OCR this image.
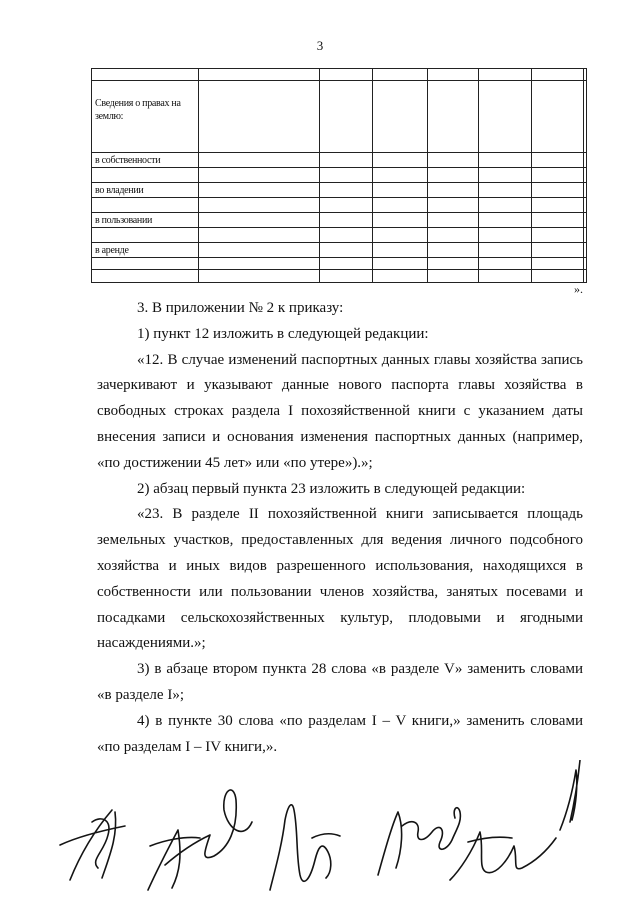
3

Сведения о правах на землю:							
в собственности							

во владении							

в пользовании							

в аренде							

».

3. В приложении № 2 к приказу:

1) пункт 12 изложить в следующей редакции:

«12. В случае изменений паспортных данных главы хозяйства запись зачеркивают и указывают данные нового паспорта главы хозяйства в свободных строках раздела I похозяйственной книги с указанием даты внесения записи и основания изменения паспортных данных (например, «по достижении 45 лет» или «по утере»).»;

2) абзац первый пункта 23 изложить в следующей редакции:

«23. В разделе II похозяйственной книги записывается площадь земельных участков, предоставленных для ведения личного подсобного хозяйства и иных видов разрешенного использования, находящихся в собственности или пользовании членов хозяйства, занятых посевами и посадками сельскохозяйственных культур, плодовыми и ягодными насаждениями.»;

3) в абзаце втором пункта 28 слова «в разделе V» заменить словами «в разделе I»;

4) в пункте 30 слова «по разделам I – V книги,» заменить словами «по разделам I – IV книги,».
